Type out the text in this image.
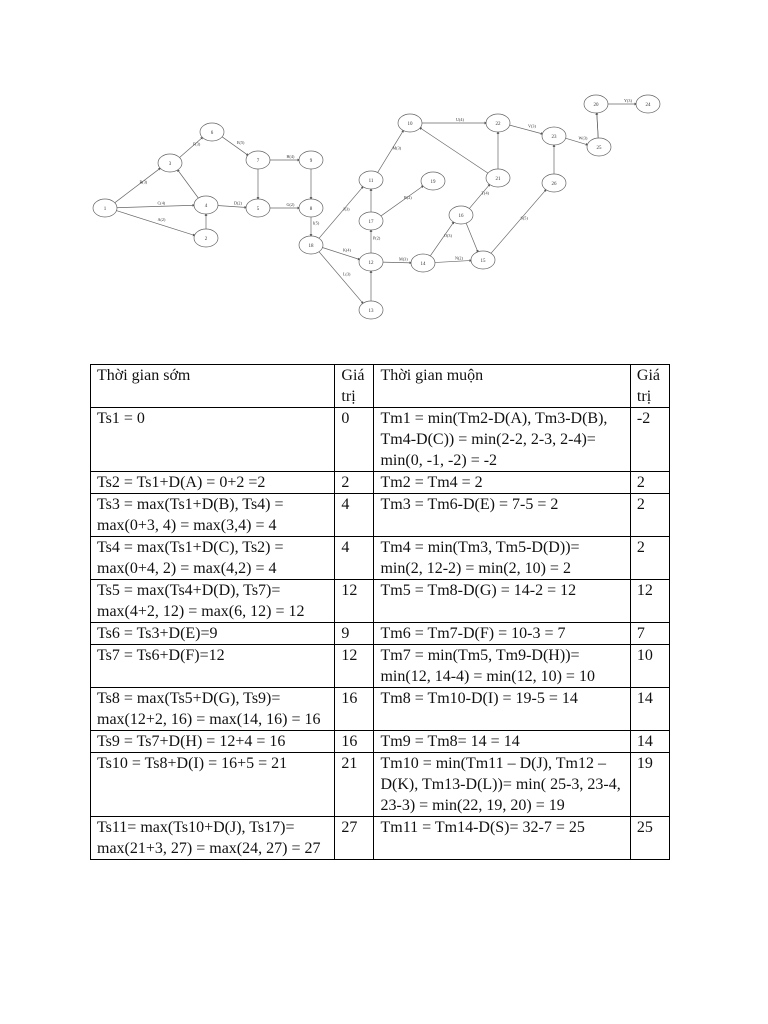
B(3)
C(4)
A(2)
F(3)
D(2)
E(5)
H(4)
G(2)
I(5)
J(3)
K(4)
L(3)
M(3)
P(2)
M(3)
O(3)
N(2)
R(2)
T(4)
S(5)
U(4)
V(3)
W(3)
Y(3)
1
2
3
4
5
6
7
8
9
10
11
12
13
14
15
16
17
18
19
20
21
22
23
24
25
26
Thời gian sớm	Giá trị	Thời gian muộn	Giá trị
Ts1 = 0	0	Tm1 = min(Tm2-D(A), Tm3-D(B), Tm4-D(C)) = min(2-2, 2-3, 2-4)= min(0, -1, -2) = -2	-2
Ts2 = Ts1+D(A) = 0+2 =2	2	Tm2 = Tm4 = 2	2
Ts3 = max(Ts1+D(B), Ts4) = max(0+3, 4) = max(3,4) = 4	4	Tm3 = Tm6-D(E) = 7-5 = 2	2
Ts4 = max(Ts1+D(C), Ts2) = max(0+4, 2) = max(4,2) = 4	4	Tm4 = min(Tm3, Tm5-D(D))= min(2, 12-2) = min(2, 10) = 2	2
Ts5 = max(Ts4+D(D), Ts7)= max(4+2, 12) = max(6, 12) = 12	12	Tm5 = Tm8-D(G) = 14-2 = 12	12
Ts6 = Ts3+D(E)=9	9	Tm6 = Tm7-D(F) = 10-3 = 7	7
Ts7 = Ts6+D(F)=12	12	Tm7 = min(Tm5, Tm9-D(H))= min(12, 14-4) = min(12, 10) = 10	10
Ts8 = max(Ts5+D(G), Ts9)= max(12+2, 16) = max(14, 16) = 16	16	Tm8 = Tm10-D(I) = 19-5 = 14	14
Ts9 = Ts7+D(H) = 12+4 = 16	16	Tm9 = Tm8= 14 = 14	14
Ts10 = Ts8+D(I) = 16+5 = 21	21	Tm10 = min(Tm11 – D(J), Tm12 – D(K), Tm13-D(L))= min( 25-3, 23-4, 23-3) = min(22, 19, 20) = 19	19
Ts11= max(Ts10+D(J), Ts17)= max(21+3, 27) = max(24, 27) = 27	27	Tm11 = Tm14-D(S)= 32-7 = 25	25
